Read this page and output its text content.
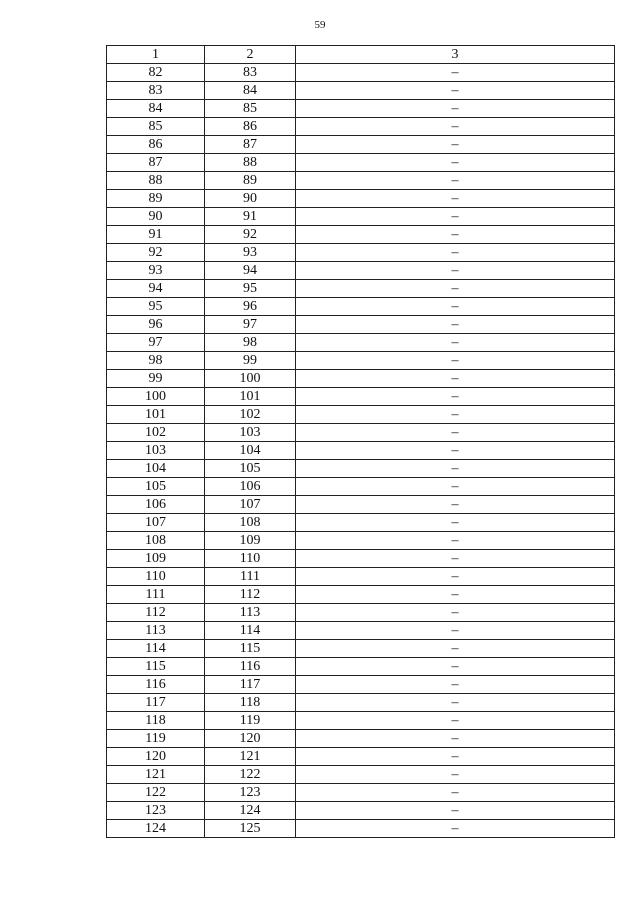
59
1	2	3
82	83	–
83	84	–
84	85	–
85	86	–
86	87	–
87	88	–
88	89	–
89	90	–
90	91	–
91	92	–
92	93	–
93	94	–
94	95	–
95	96	–
96	97	–
97	98	–
98	99	–
99	100	–
100	101	–
101	102	–
102	103	–
103	104	–
104	105	–
105	106	–
106	107	–
107	108	–
108	109	–
109	110	–
110	111	–
111	112	–
112	113	–
113	114	–
114	115	–
115	116	–
116	117	–
117	118	–
118	119	–
119	120	–
120	121	–
121	122	–
122	123	–
123	124	–
124	125	–
